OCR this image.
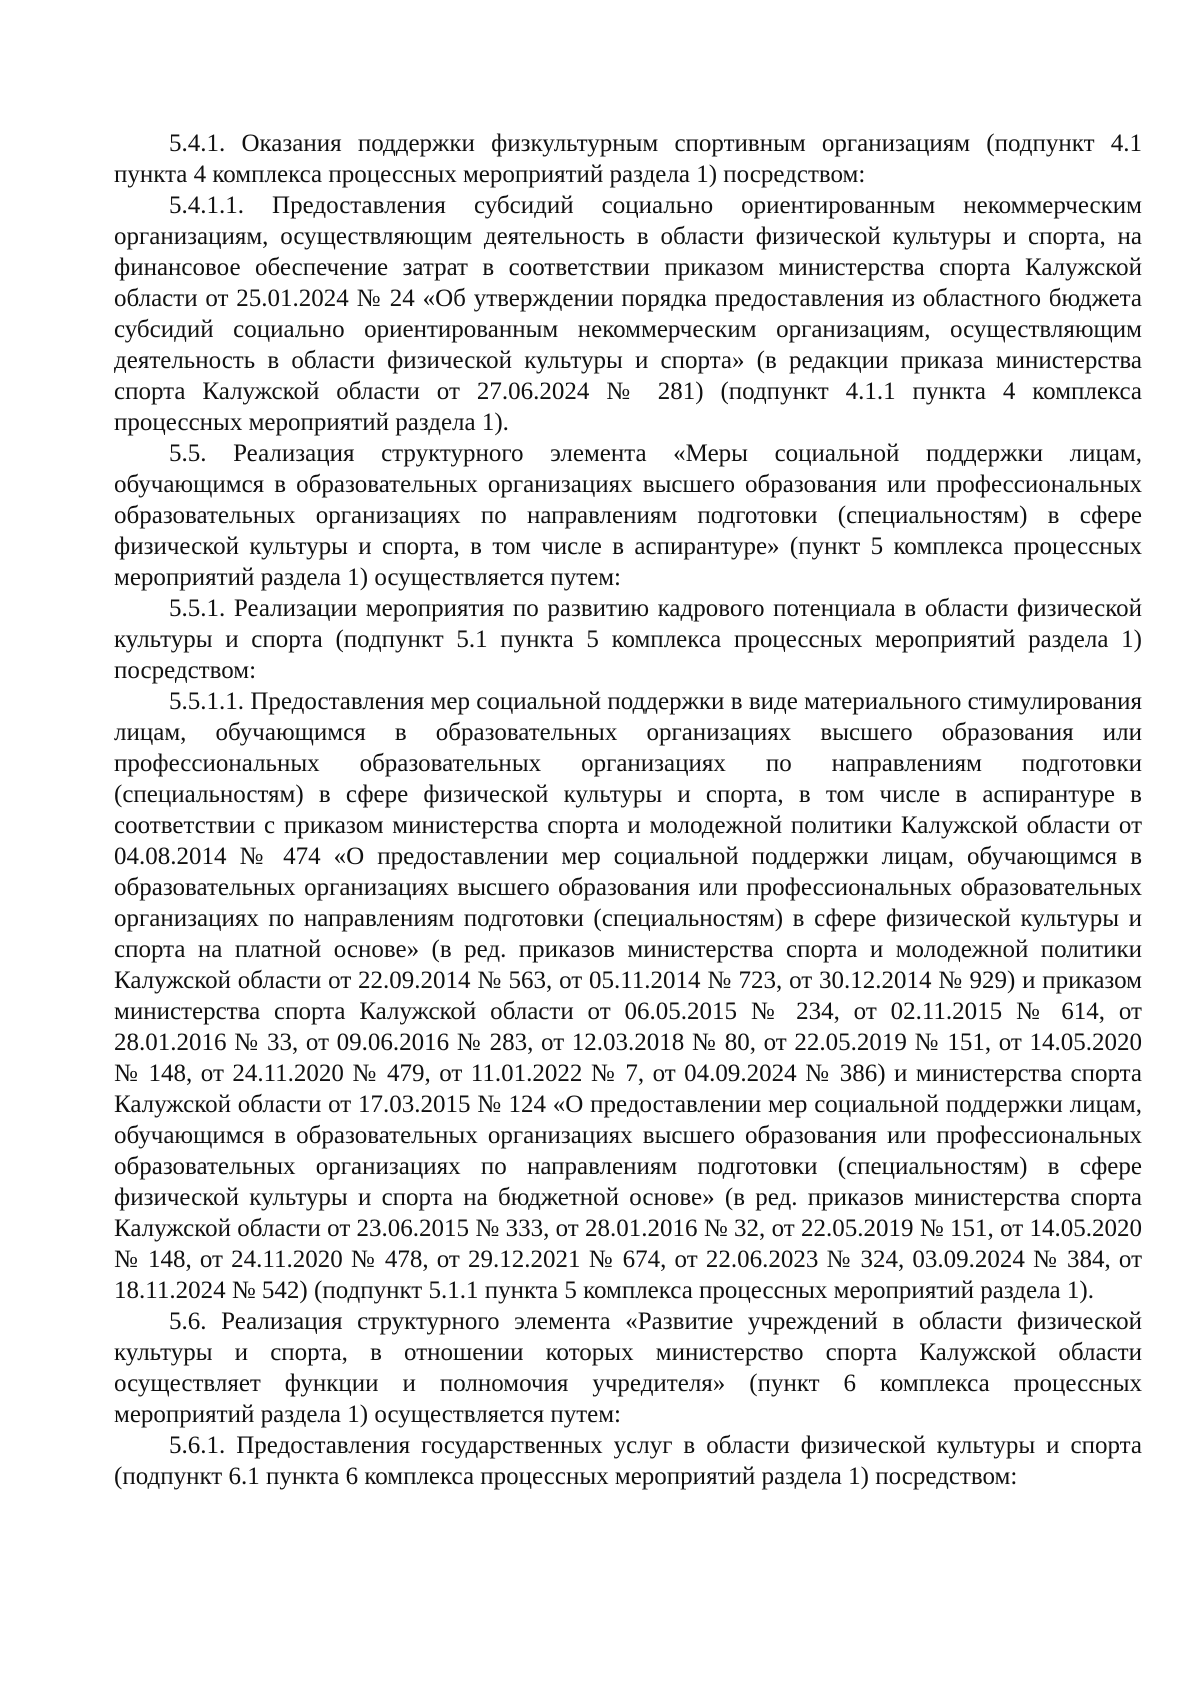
5.4.1. Оказания поддержки физкультурным спортивным организациям (подпункт 4.1 пункта 4 комплекса процессных мероприятий раздела 1) посредством:

5.4.1.1. Предоставления субсидий социально ориентированным некоммерческим организациям, осуществляющим деятельность в области физической культуры и спорта, на финансовое обеспечение затрат в соответствии приказом министерства спорта Калужской области от 25.01.2024 № 24 «Об утверждении порядка предоставления из областного бюджета субсидий социально ориентированным некоммерческим организациям, осуществляющим деятельность в области физической культуры и спорта» (в редакции приказа министерства спорта Калужской области от 27.06.2024 № 281) (подпункт 4.1.1 пункта 4 комплекса процессных мероприятий раздела 1).

5.5. Реализация структурного элемента «Меры социальной поддержки лицам, обучающимся в образовательных организациях высшего образования или профессиональных образовательных организациях по направлениям подготовки (специальностям) в сфере физической культуры и спорта, в том числе в аспирантуре» (пункт 5 комплекса процессных мероприятий раздела 1) осуществляется путем:

5.5.1. Реализации мероприятия по развитию кадрового потенциала в области физической культуры и спорта (подпункт 5.1 пункта 5 комплекса процессных мероприятий раздела 1) посредством:

5.5.1.1. Предоставления мер социальной поддержки в виде материального стимулирования лицам, обучающимся в образовательных организациях высшего образования или профессиональных образовательных организациях по направлениям подготовки (специальностям) в сфере физической культуры и спорта, в том числе в аспирантуре в соответствии с приказом министерства спорта и молодежной политики Калужской области от 04.08.2014 № 474 «О предоставлении мер социальной поддержки лицам, обучающимся в образовательных организациях высшего образования или профессиональных образовательных организациях по направлениям подготовки (специальностям) в сфере физической культуры и спорта на платной основе» (в ред. приказов министерства спорта и молодежной политики Калужской области от 22.09.2014 № 563, от 05.11.2014 № 723, от 30.12.2014 № 929) и приказом министерства спорта Калужской области от 06.05.2015 № 234, от 02.11.2015 № 614, от 28.01.2016 № 33, от 09.06.2016 № 283, от 12.03.2018 № 80, от 22.05.2019 № 151, от 14.05.2020 № 148, от 24.11.2020 № 479, от 11.01.2022 № 7, от 04.09.2024 № 386) и министерства спорта Калужской области от 17.03.2015 № 124 «О предоставлении мер социальной поддержки лицам, обучающимся в образовательных организациях высшего образования или профессиональных образовательных организациях по направлениям подготовки (специальностям) в сфере физической культуры и спорта на бюджетной основе» (в ред. приказов министерства спорта Калужской области от 23.06.2015 № 333, от 28.01.2016 № 32, от 22.05.2019 № 151, от 14.05.2020 № 148, от 24.11.2020 № 478, от 29.12.2021 № 674, от 22.06.2023 № 324, 03.09.2024 № 384, от 18.11.2024 № 542) (подпункт 5.1.1 пункта 5 комплекса процессных мероприятий раздела 1).

5.6. Реализация структурного элемента «Развитие учреждений в области физической культуры и спорта, в отношении которых министерство спорта Калужской области осуществляет функции и полномочия учредителя» (пункт 6 комплекса процессных мероприятий раздела 1) осуществляется путем:

5.6.1. Предоставления государственных услуг в области физической культуры и спорта (подпункт 6.1 пункта 6 комплекса процессных мероприятий раздела 1) посредством:
